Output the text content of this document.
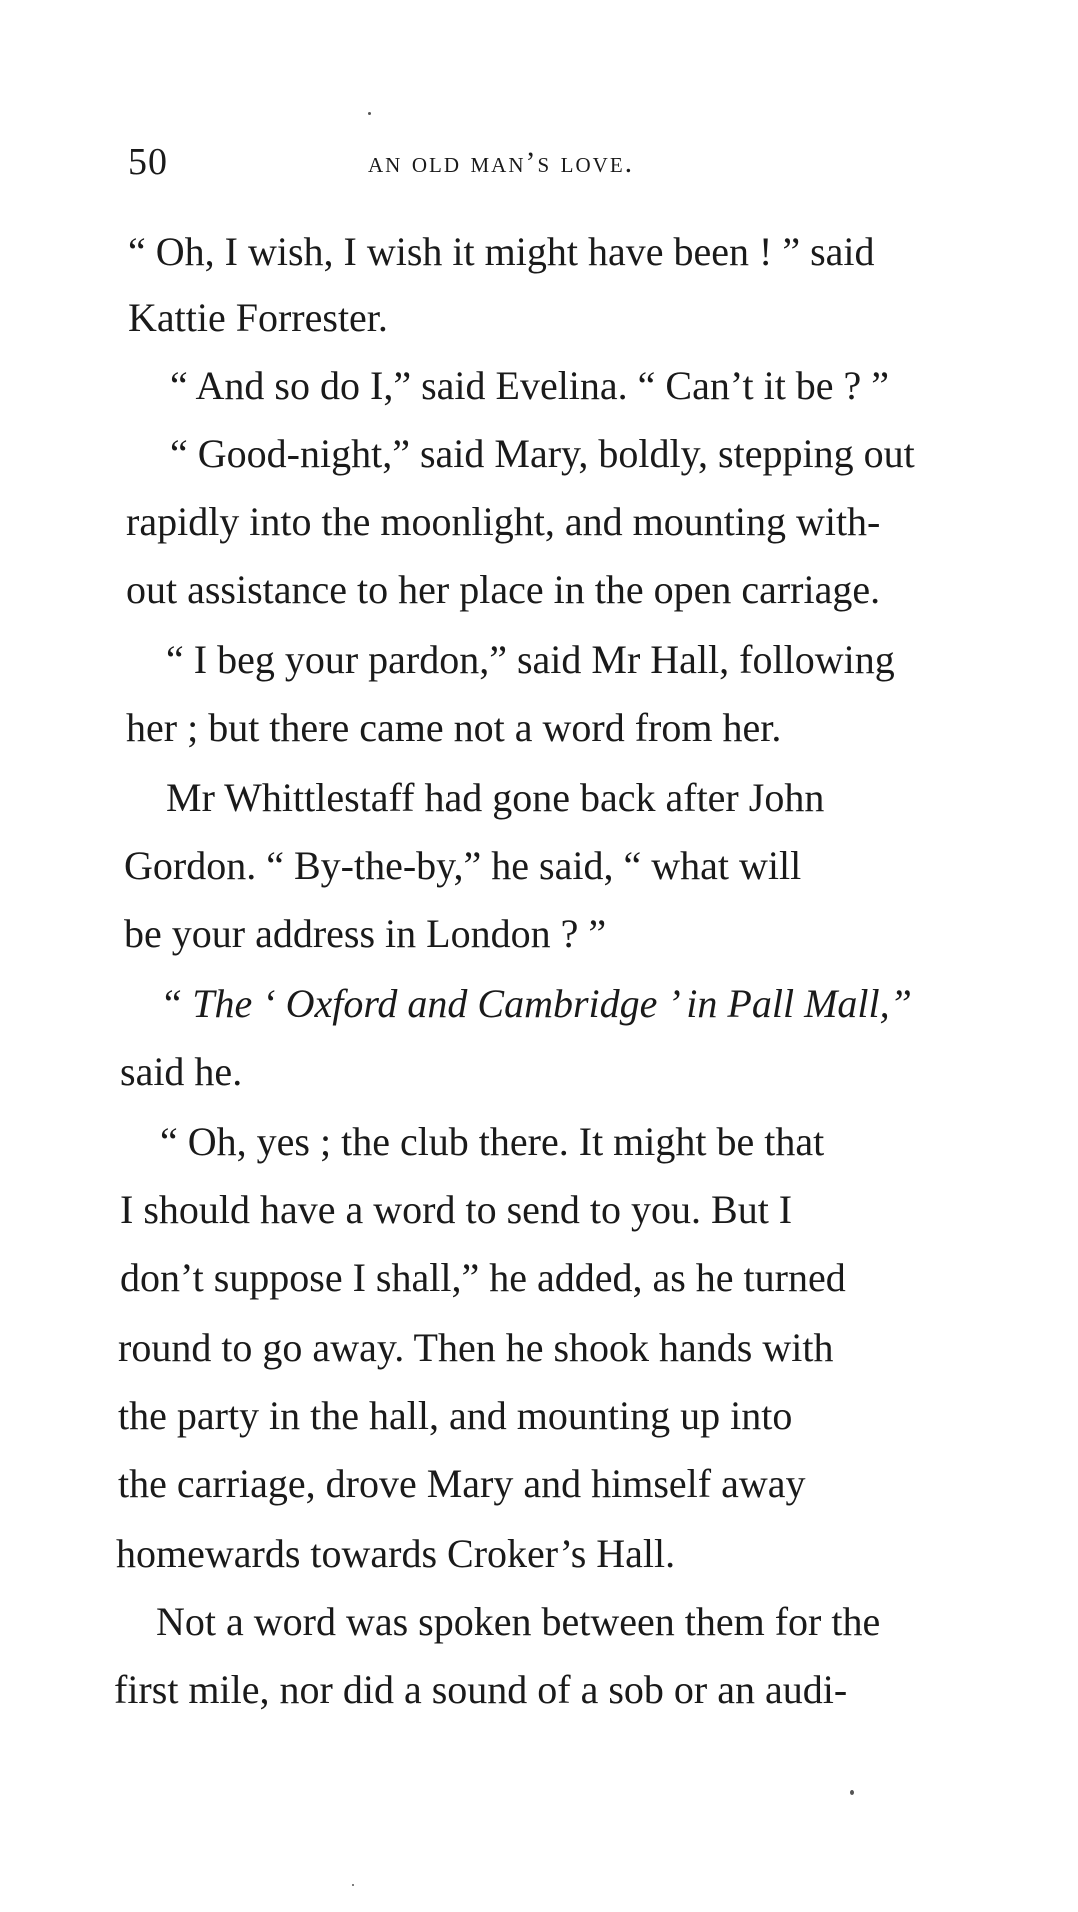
50	an old man’s love.
“ Oh, I wish, I wish it might have been ! ” said
Kattie Forrester.
“ And so do I,” said Evelina. “ Can’t it be ? ”
“ Good-night,” said Mary, boldly, stepping out
rapidly into the moonlight, and mounting with-
out assistance to her place in the open carriage.
“ I beg your pardon,” said Mr Hall, following
her ; but there came not a word from her.
Mr Whittlestaff had gone back after John
Gordon. “ By-the-by,” he said, “ what will
be your address in London ? ”
“ The ‘ Oxford and Cambridge ’ in Pall Mall,”
said he.
“ Oh, yes ; the club there. It might be that
I should have a word to send to you. But I
don’t suppose I shall,” he added, as he turned
round to go away. Then he shook hands with
the party in the hall, and mounting up into
the carriage, drove Mary and himself away
homewards towards Croker’s Hall.
Not a word was spoken between them for the
first mile, nor did a sound of a sob or an audi-
